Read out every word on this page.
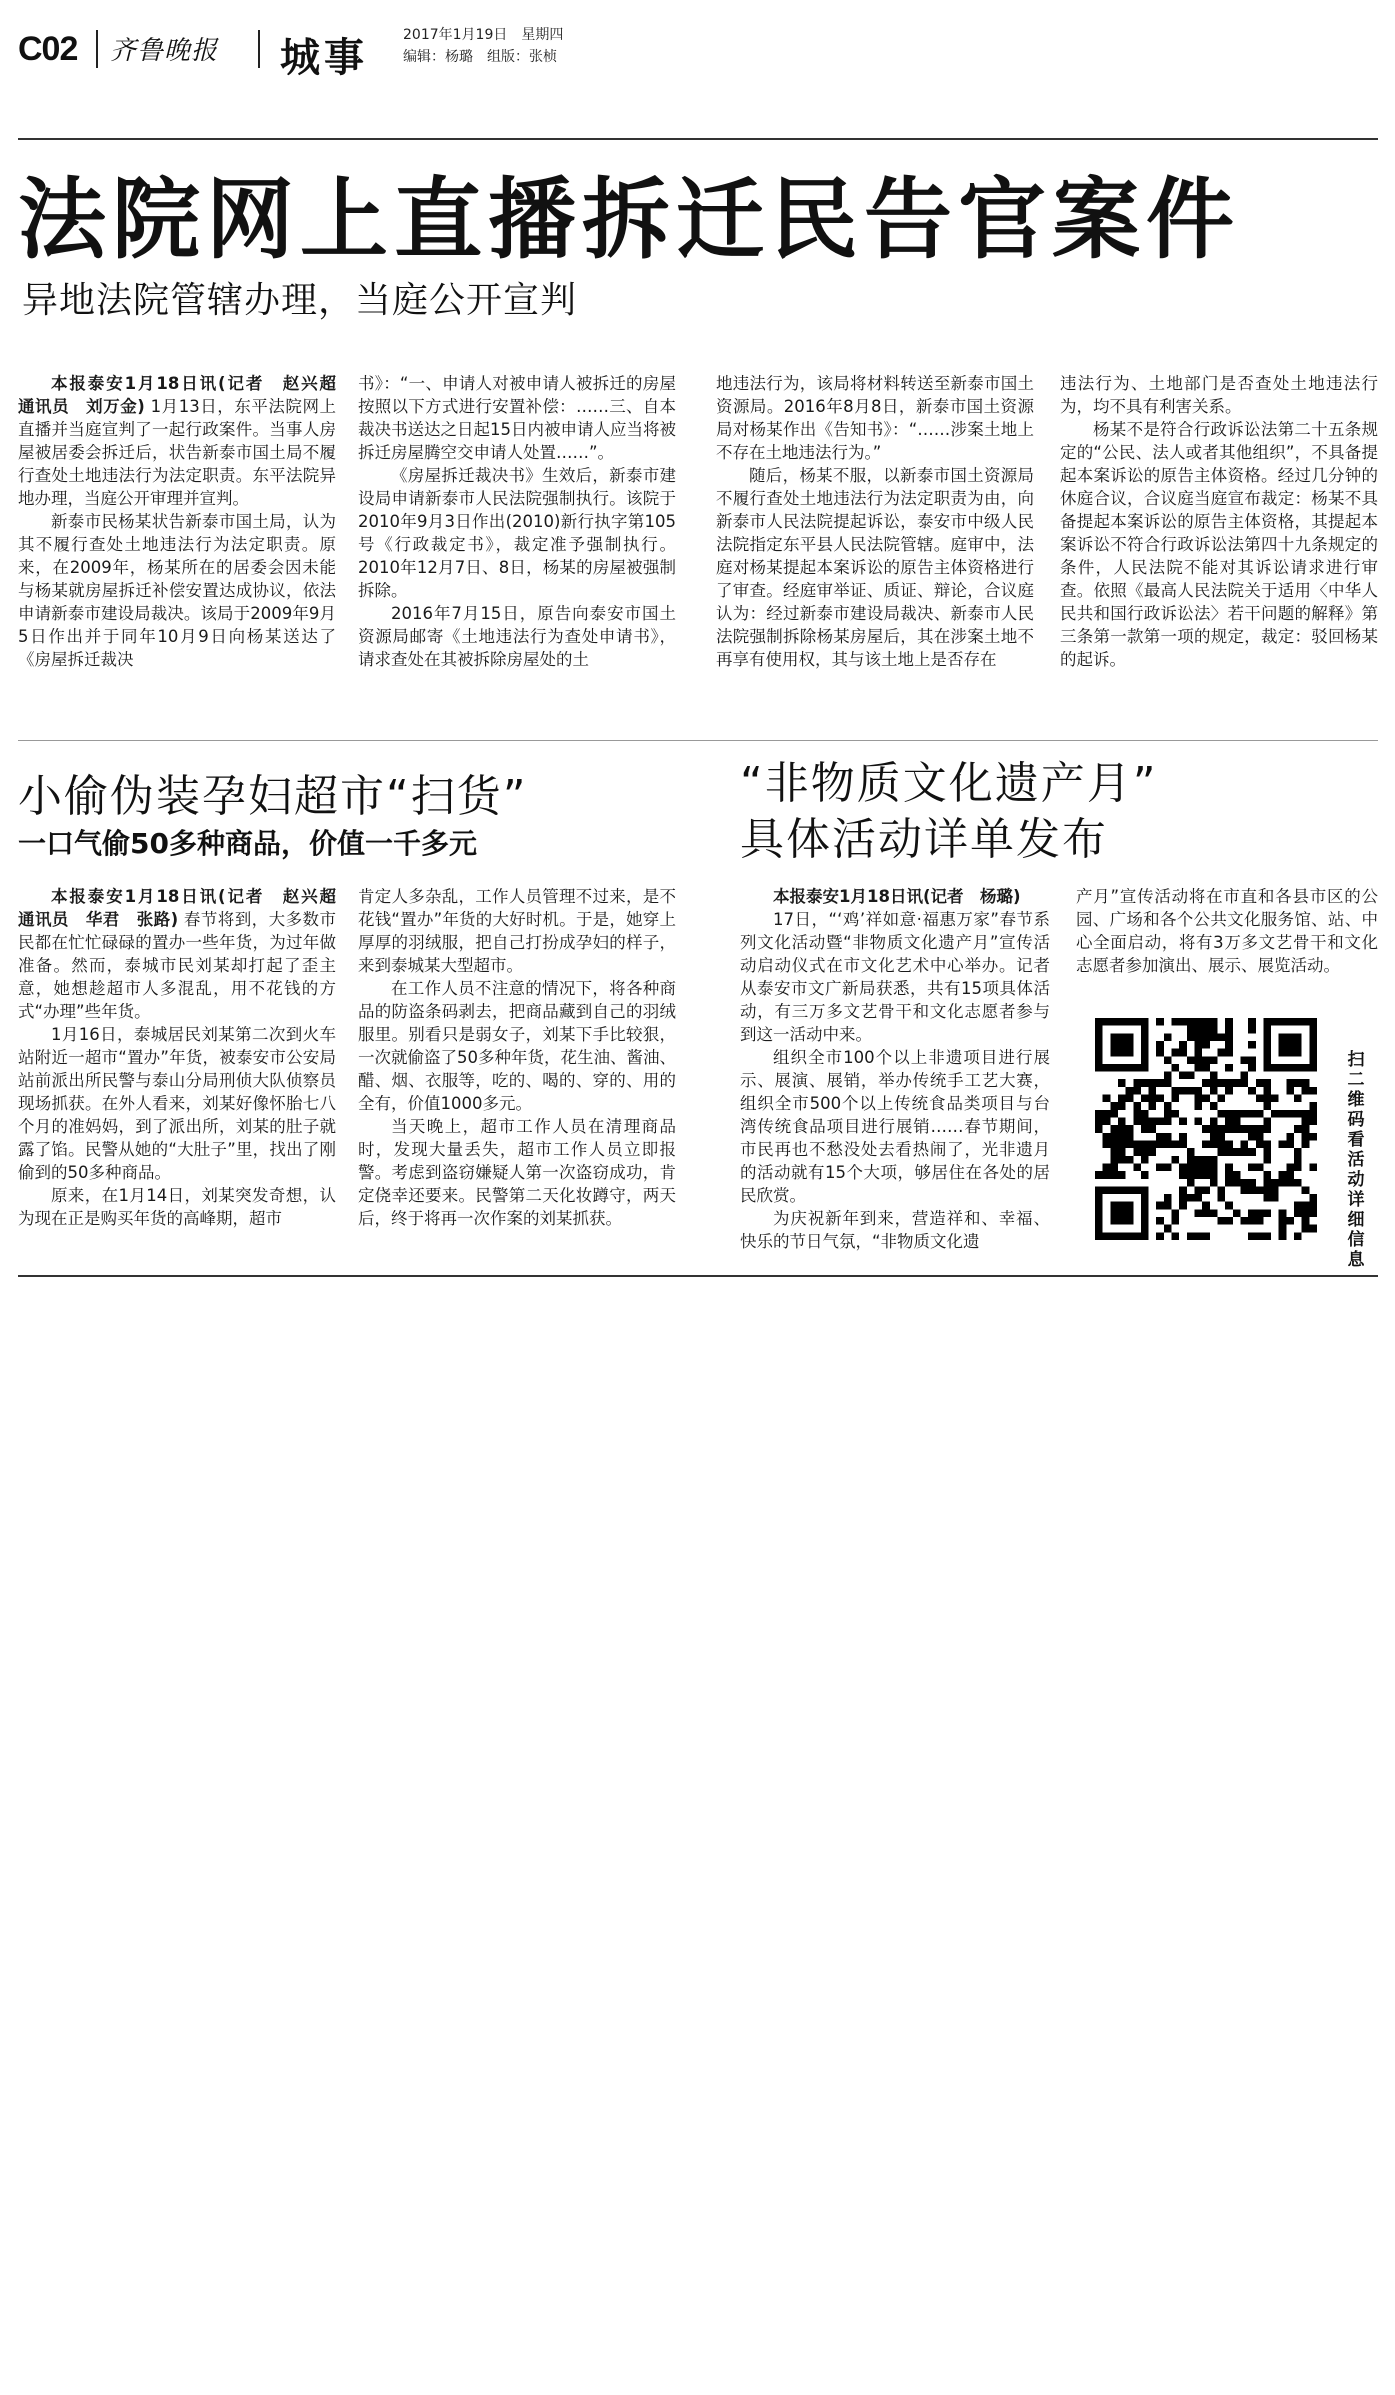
C02 齐鲁晚报 城事	2017年1月19日　星期四
编辑：杨璐　组版：张桢
法院网上直播拆迁民告官案件
异地法院管辖办理，当庭公开宣判

本报泰安1月18日讯(记者　赵兴超　通讯员　刘万金) 1月13日，东平法院网上直播并当庭宣判了一起行政案件。当事人房屋被居委会拆迁后，状告新泰市国土局不履行查处土地违法行为法定职责。东平法院异地办理，当庭公开审理并宣判。

新泰市民杨某状告新泰市国土局，认为其不履行查处土地违法行为法定职责。原来，在2009年，杨某所在的居委会因未能与杨某就房屋拆迁补偿安置达成协议，依法申请新泰市建设局裁决。该局于2009年9月5日作出并于同年10月9日向杨某送达了《房屋拆迁裁决

书》：“一、申请人对被申请人被拆迁的房屋按照以下方式进行安置补偿：……三、自本裁决书送达之日起15日内被申请人应当将被拆迁房屋腾空交申请人处置……”。

《房屋拆迁裁决书》生效后，新泰市建设局申请新泰市人民法院强制执行。该院于2010年9月3日作出(2010)新行执字第105号《行政裁定书》，裁定准予强制执行。2010年12月7日、8日，杨某的房屋被强制拆除。

2016年7月15日，原告向泰安市国土资源局邮寄《土地违法行为查处申请书》，请求查处在其被拆除房屋处的土

地违法行为，该局将材料转送至新泰市国土资源局。2016年8月8日，新泰市国土资源局对杨某作出《告知书》：“……涉案土地上不存在土地违法行为。”

随后，杨某不服，以新泰市国土资源局不履行查处土地违法行为法定职责为由，向新泰市人民法院提起诉讼，泰安市中级人民法院指定东平县人民法院管辖。庭审中，法庭对杨某提起本案诉讼的原告主体资格进行了审查。经庭审举证、质证、辩论，合议庭认为：经过新泰市建设局裁决、新泰市人民法院强制拆除杨某房屋后，其在涉案土地不再享有使用权，其与该土地上是否存在

违法行为、土地部门是否查处土地违法行为，均不具有利害关系。

杨某不是符合行政诉讼法第二十五条规定的“公民、法人或者其他组织”，不具备提起本案诉讼的原告主体资格。经过几分钟的休庭合议，合议庭当庭宣布裁定：杨某不具备提起本案诉讼的原告主体资格，其提起本案诉讼不符合行政诉讼法第四十九条规定的条件，人民法院不能对其诉讼请求进行审查。依照《最高人民法院关于适用〈中华人民共和国行政诉讼法〉若干问题的解释》第三条第一款第一项的规定，裁定：驳回杨某的起诉。

小偷伪装孕妇超市“扫货”
一口气偷50多种商品，价值一千多元

本报泰安1月18日讯(记者　赵兴超　通讯员　华君　张路) 春节将到，大多数市民都在忙忙碌碌的置办一些年货，为过年做准备。然而，泰城市民刘某却打起了歪主意，她想趁超市人多混乱，用不花钱的方式“办理”些年货。

1月16日，泰城居民刘某第二次到火车站附近一超市“置办”年货，被泰安市公安局站前派出所民警与泰山分局刑侦大队侦察员现场抓获。在外人看来，刘某好像怀胎七八个月的准妈妈，到了派出所，刘某的肚子就露了馅。民警从她的“大肚子”里，找出了刚偷到的50多种商品。

原来，在1月14日，刘某突发奇想，认为现在正是购买年货的高峰期，超市

肯定人多杂乱，工作人员管理不过来，是不花钱“置办”年货的大好时机。于是，她穿上厚厚的羽绒服，把自己打扮成孕妇的样子，来到泰城某大型超市。

在工作人员不注意的情况下，将各种商品的防盗条码剥去，把商品藏到自己的羽绒服里。别看只是弱女子，刘某下手比较狠，一次就偷盗了50多种年货，花生油、酱油、醋、烟、衣服等，吃的、喝的、穿的、用的全有，价值1000多元。

当天晚上，超市工作人员在清理商品时，发现大量丢失，超市工作人员立即报警。考虑到盗窃嫌疑人第一次盗窃成功，肯定侥幸还要来。民警第二天化妆蹲守，两天后，终于将再一次作案的刘某抓获。

“非物质文化遗产月”
具体活动详单发布

本报泰安1月18日讯(记者　杨璐)

17日，“‘鸡’祥如意·福惠万家”春节系列文化活动暨“非物质文化遗产月”宣传活动启动仪式在市文化艺术中心举办。记者从泰安市文广新局获悉，共有15项具体活动，有三万多文艺骨干和文化志愿者参与到这一活动中来。

组织全市100个以上非遗项目进行展示、展演、展销，举办传统手工艺大赛，组织全市500个以上传统食品类项目与台湾传统食品项目进行展销……春节期间，市民再也不愁没处去看热闹了，光非遗月的活动就有15个大项，够居住在各处的居民欣赏。

为庆祝新年到来，营造祥和、幸福、快乐的节日气氛，“非物质文化遗

产月”宣传活动将在市直和各县市区的公园、广场和各个公共文化服务馆、站、中心全面启动，将有3万多文艺骨干和文化志愿者参加演出、展示、展览活动。

扫二维码看活动详细信息
